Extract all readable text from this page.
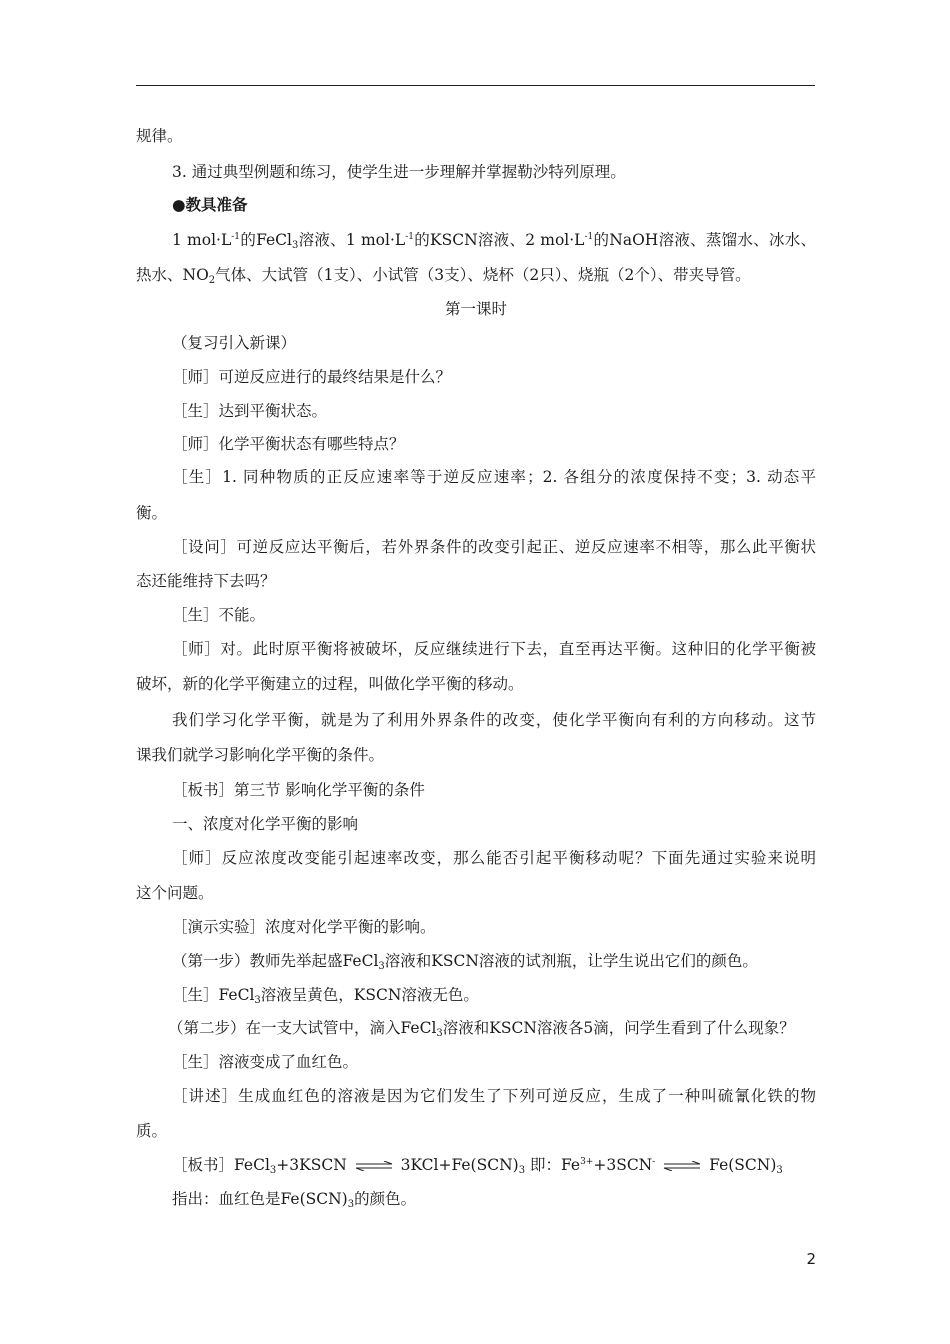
规律。
3. 通过典型例题和练习，使学生进一步理解并掌握勒沙特列原理。
●教具准备
1 $mol\cdot L^{-1}$的FeCl$_3$溶液、1 $mol\cdot L^{-1}$的KSCN溶液、2 $mol\cdot L^{-1}$的NaOH溶液、蒸馏水、冰水、
热水、$NO_2$气体、大试管（1支）、小试管（3支）、烧杯（2只）、烧瓶（2个）、带夹导管。
第一课时
（复习引入新课）
［师］可逆反应进行的最终结果是什么？
［生］达到平衡状态。
［师］化学平衡状态有哪些特点？
［生］1. 同种物质的正反应速率等于逆反应速率；2. 各组分的浓度保持不变；3. 动态平
衡。
［设问］可逆反应达平衡后，若外界条件的改变引起正、逆反应速率不相等，那么此平衡状
态还能维持下去吗？
［生］不能。
［师］对。此时原平衡将被破坏，反应继续进行下去，直至再达平衡。这种旧的化学平衡被
破坏，新的化学平衡建立的过程，叫做化学平衡的移动。
我们学习化学平衡，就是为了利用外界条件的改变，使化学平衡向有利的方向移动。这节
课我们就学习影响化学平衡的条件。
［板书］第三节 影响化学平衡的条件
一、浓度对化学平衡的影响
［师］反应浓度改变能引起速率改变，那么能否引起平衡移动呢？下面先通过实验来说明
这个问题。
［演示实验］浓度对化学平衡的影响。
（第一步）教师先举起盛FeCl$_3$溶液和KSCN溶液的试剂瓶，让学生说出它们的颜色。
［生］FeCl$_3$溶液呈黄色，KSCN溶液无色。
（第二步）在一支大试管中，滴入FeCl$_3$溶液和KSCN溶液各5滴，问学生看到了什么现象？
［生］溶液变成了血红色。
［讲述］生成血红色的溶液是因为它们发生了下列可逆反应，生成了一种叫硫氰化铁的物
质。
［板书］FeCl$_3$+3KSCN ⇌ $3KCl+Fe(SCN)_3$ 即：$Fe^{3+}+3SCN^-$ ⇌ $Fe(SCN)_3$
指出：血红色是$Fe(SCN)_3$的颜色。
2
